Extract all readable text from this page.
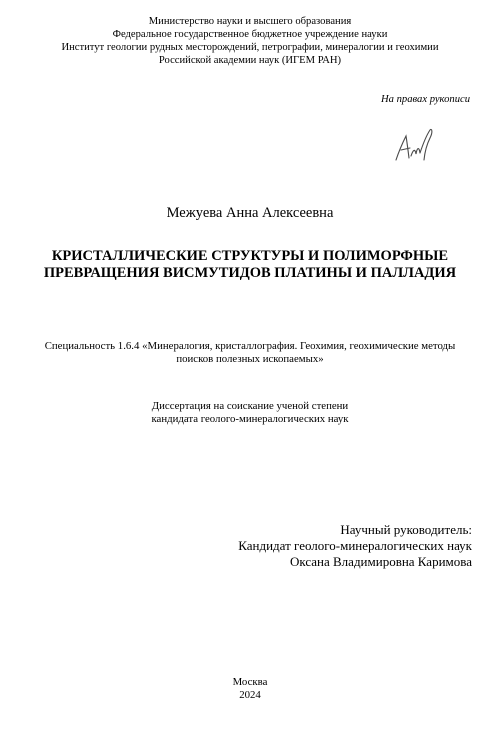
Министерство науки и высшего образования
Федеральное государственное бюджетное учреждение науки
Институт геологии рудных месторождений, петрографии, минералогии и геохимии
Российской академии наук (ИГЕМ РАН)
На правах рукописи
Межуева Анна Алексеевна
КРИСТАЛЛИЧЕСКИЕ СТРУКТУРЫ И ПОЛИМОРФНЫЕ
ПРЕВРАЩЕНИЯ ВИСМУТИДОВ ПЛАТИНЫ И ПАЛЛАДИЯ
Специальность 1.6.4 «Минералогия, кристаллография. Геохимия, геохимические методы
поисков полезных ископаемых»
Диссертация на соискание ученой степени
кандидата геолого-минералогических наук
Научный руководитель:
Кандидат геолого-минералогических наук
Оксана Владимировна Каримова
Москва
2024
